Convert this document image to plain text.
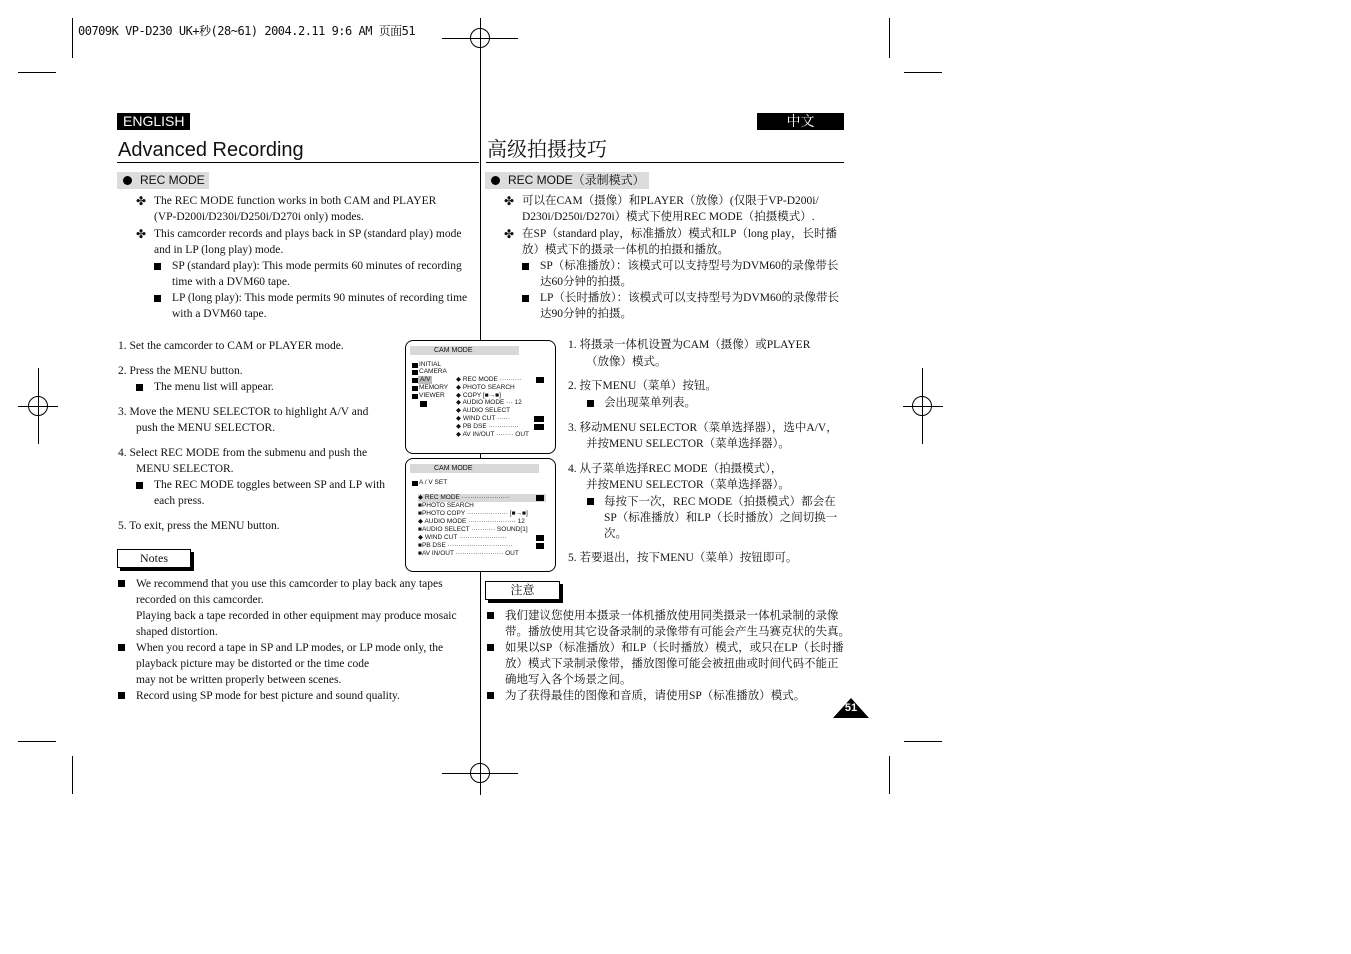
00709K VP-D230 UK+秒(28~61) 2004.2.11 9:6 AM 页面51
ENGLISH
Advanced Recording
REC MODE
✤ The REC MODE function works in both CAM and PLAYER
(VP-D200i/D230i/D250i/D270i only) modes.
✤ This camcorder records and plays back in SP (standard play) mode
and in LP (long play) mode.
SP (standard play): This mode permits 60 minutes of recording
time with a DVM60 tape.
LP (long play): This mode permits 90 minutes of recording time
with a DVM60 tape.
1. Set the camcorder to CAM or PLAYER mode.
2. Press the MENU button.
The menu list will appear.
3. Move the MENU SELECTOR to highlight A/V and
push the MENU SELECTOR.
4. Select REC MODE from the submenu and push the
MENU SELECTOR.
The REC MODE toggles between SP and LP with
each press.
5. To exit, press the MENU button.
Notes
We recommend that you use this camcorder to play back any tapes
recorded on this camcorder.
Playing back a tape recorded in other equipment may produce mosaic
shaped distortion.
When you record a tape in SP and LP modes, or LP mode only, the
playback picture may be distorted or the time code
may not be written properly between scenes.
Record using SP mode for best picture and sound quality.
CAM MODE
INITIAL
CAMERA
A/V
MEMORY
VIEWER
◆ REC MODE ··········
◆ PHOTO SEARCH
◆ COPY [■→■]
◆ AUDIO MODE ··· 12
◆ AUDIO SELECT
◆ WIND CUT ······
◆ PB DSE ··············
◆ AV IN/OUT ········ OUT
CAM MODE
A / V SET
◆ REC MODE ······················
■PHOTO SEARCH
■PHOTO COPY ··················· [■→■]
◆ AUDIO MODE ······················ 12
■AUDIO SELECT ··········· SOUND[1]
◆ WIND CUT ······················
■PB DSE ······························
■AV IN/OUT ······················ OUT
中文
高级拍摄技巧
REC MODE（录制模式）
✤ 可以在CAM（摄像）和PLAYER（放像）(仅限于VP-D200i/
D230i/D250i/D270i）模式下使用REC MODE（拍摄模式）.
✤ 在SP（standard play，标准播放）模式和LP（long play，长时播
放）模式下的摄录一体机的拍摄和播放。
SP（标准播放）：该模式可以支持型号为DVM60的录像带长
达60分钟的拍摄。
LP（长时播放）：该模式可以支持型号为DVM60的录像带长
达90分钟的拍摄。
1. 将摄录一体机设置为CAM（摄像）或PLAYER
（放像）模式。
2. 按下MENU（菜单）按钮。
会出现菜单列表。
3. 移动MENU SELECTOR（菜单选择器），选中A/V，
并按MENU SELECTOR（菜单选择器）。
4. 从子菜单选择REC MODE（拍摄模式），
并按MENU SELECTOR（菜单选择器）。
每按下一次，REC MODE（拍摄模式）都会在
SP（标准播放）和LP（长时播放）之间切换一
次。
5. 若要退出，按下MENU（菜单）按钮即可。
注意
我们建议您使用本摄录一体机播放使用同类摄录一体机录制的录像
带。播放使用其它设备录制的录像带有可能会产生马赛克状的失真。
如果以SP（标准播放）和LP（长时播放）模式，或只在LP（长时播
放）模式下录制录像带，播放图像可能会被扭曲或时间代码不能正
确地写入各个场景之间。
为了获得最佳的图像和音质，请使用SP（标准播放）模式。
51
